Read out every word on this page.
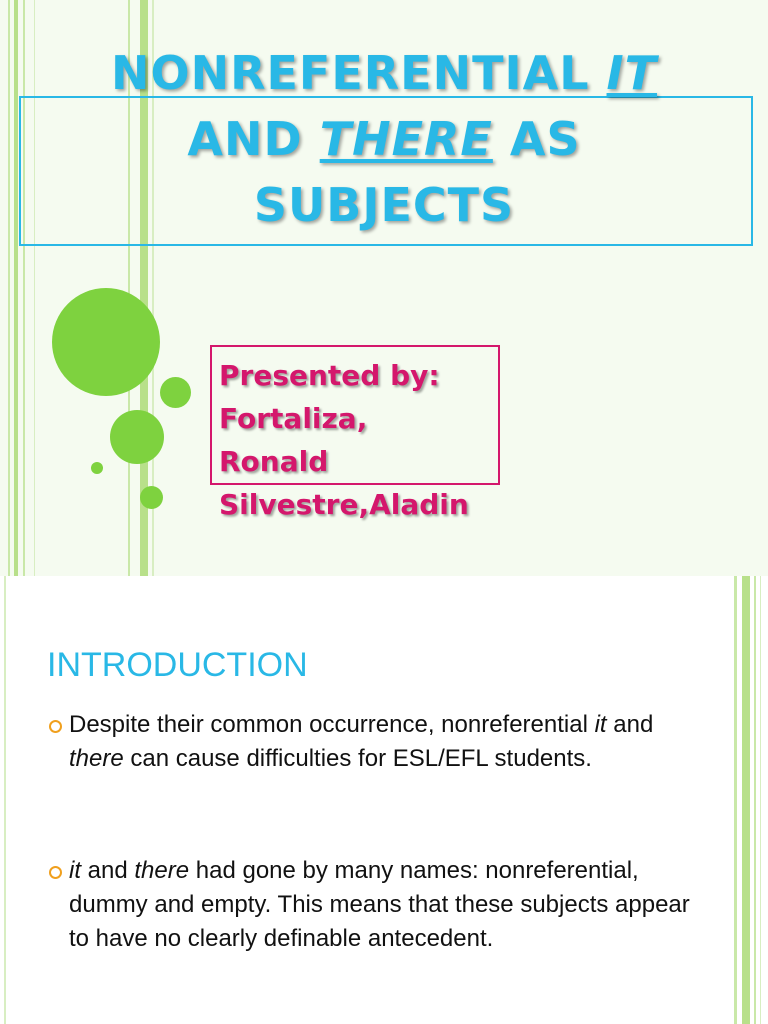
NONREFERENTIAL IT
AND THERE AS
SUBJECTS
Presented by:
Fortaliza,
Ronald
Silvestre,Aladin
INTRODUCTION
Despite their common occurrence, nonreferential it and there can cause difficulties for ESL/EFL students.
it and there had gone by many names: nonreferential, dummy and empty. This means that these subjects appear to have no clearly definable antecedent.
